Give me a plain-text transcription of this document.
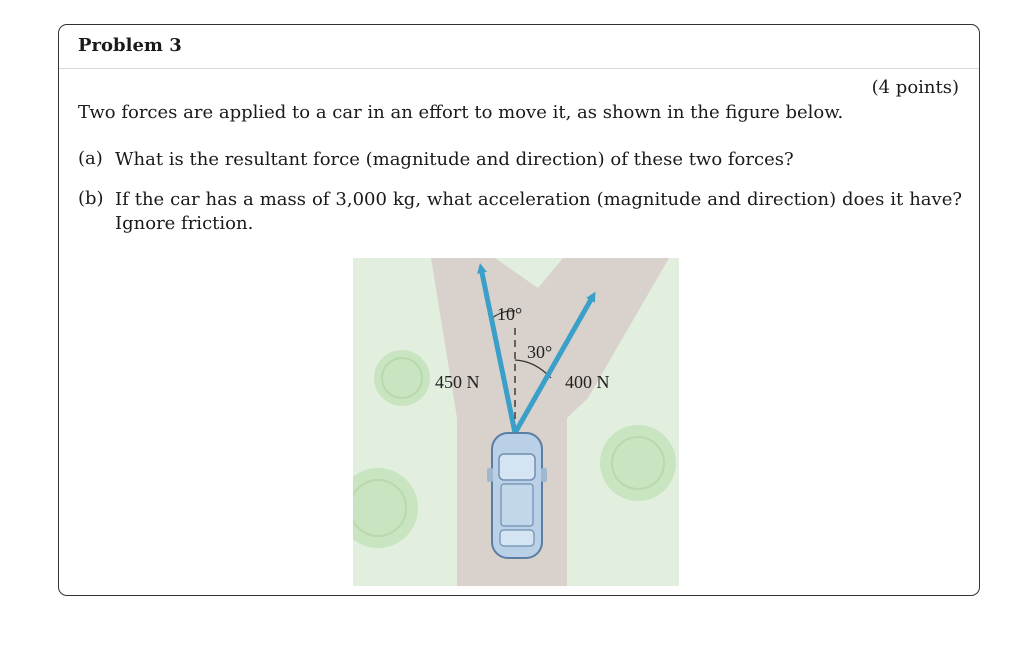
Problem 3
(4 points)
Two forces are applied to a car in an effort to move it, as shown in the figure below.
(a) What is the resultant force (magnitude and direction) of these two forces?
(b) If the car has a mass of 3,000 kg, what acceleration (magnitude and direction) does it have? Ignore friction.
10°
30°
450 N	400 N
